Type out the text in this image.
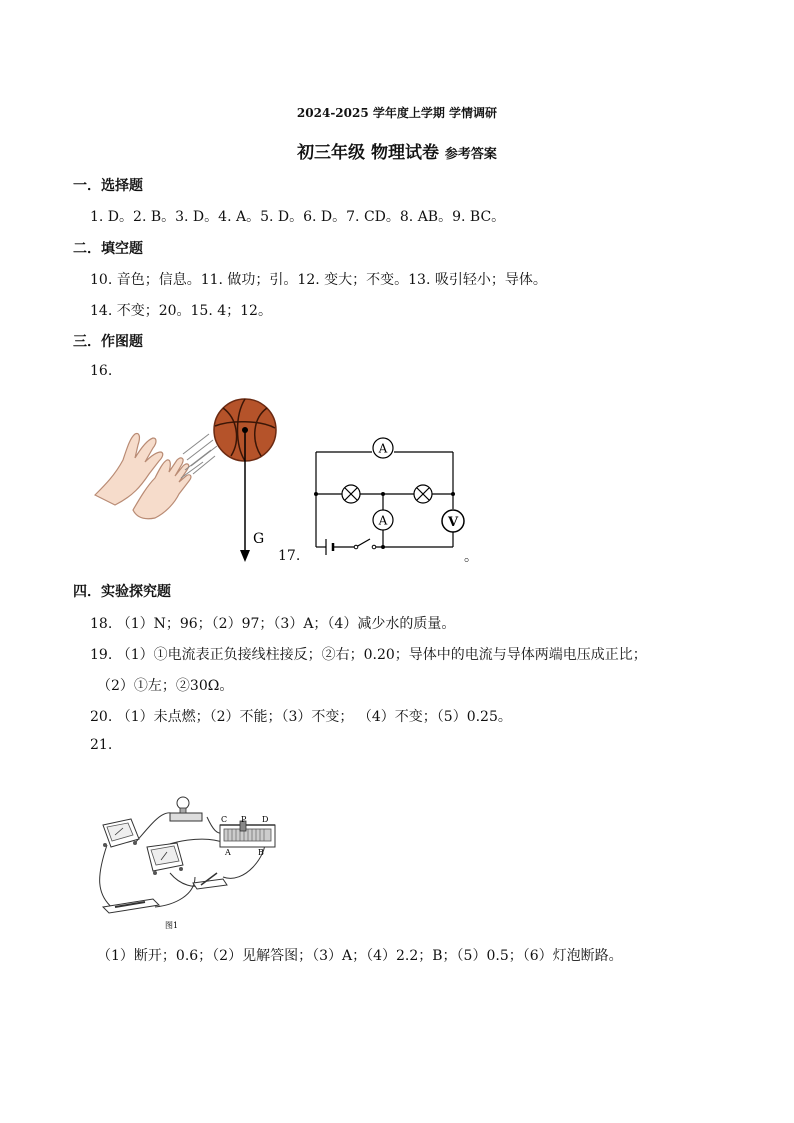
2024-2025 学年度上学期 学情调研
初三年级 物理试卷 参考答案
一．选择题
1. D。2. B。3. D。4. A。5. D。6. D。7. CD。8. AB。9. BC。
二．填空题
10. 音色；信息。11. 做功；引。12. 变大；不变。13. 吸引轻小；导体。
14. 不变；20。15. 4；12。
三．作图题
16.
G
17.
A
A	V
。
四．实验探究题
18. （1）N；96；（2）97；（3）A；（4）减少水的质量。
19. （1）①电流表正负接线柱接反；②右；0.20；导体中的电流与导体两端电压成正比；
（2）①左；②30Ω。
20. （1）未点燃；（2）不能；（3）不变； （4）不变；（5）0.25。
21.
C P D
A	B
图1
（1）断开；0.6；（2）见解答图；（3）A；（4）2.2；B；（5）0.5；（6）灯泡断路。
